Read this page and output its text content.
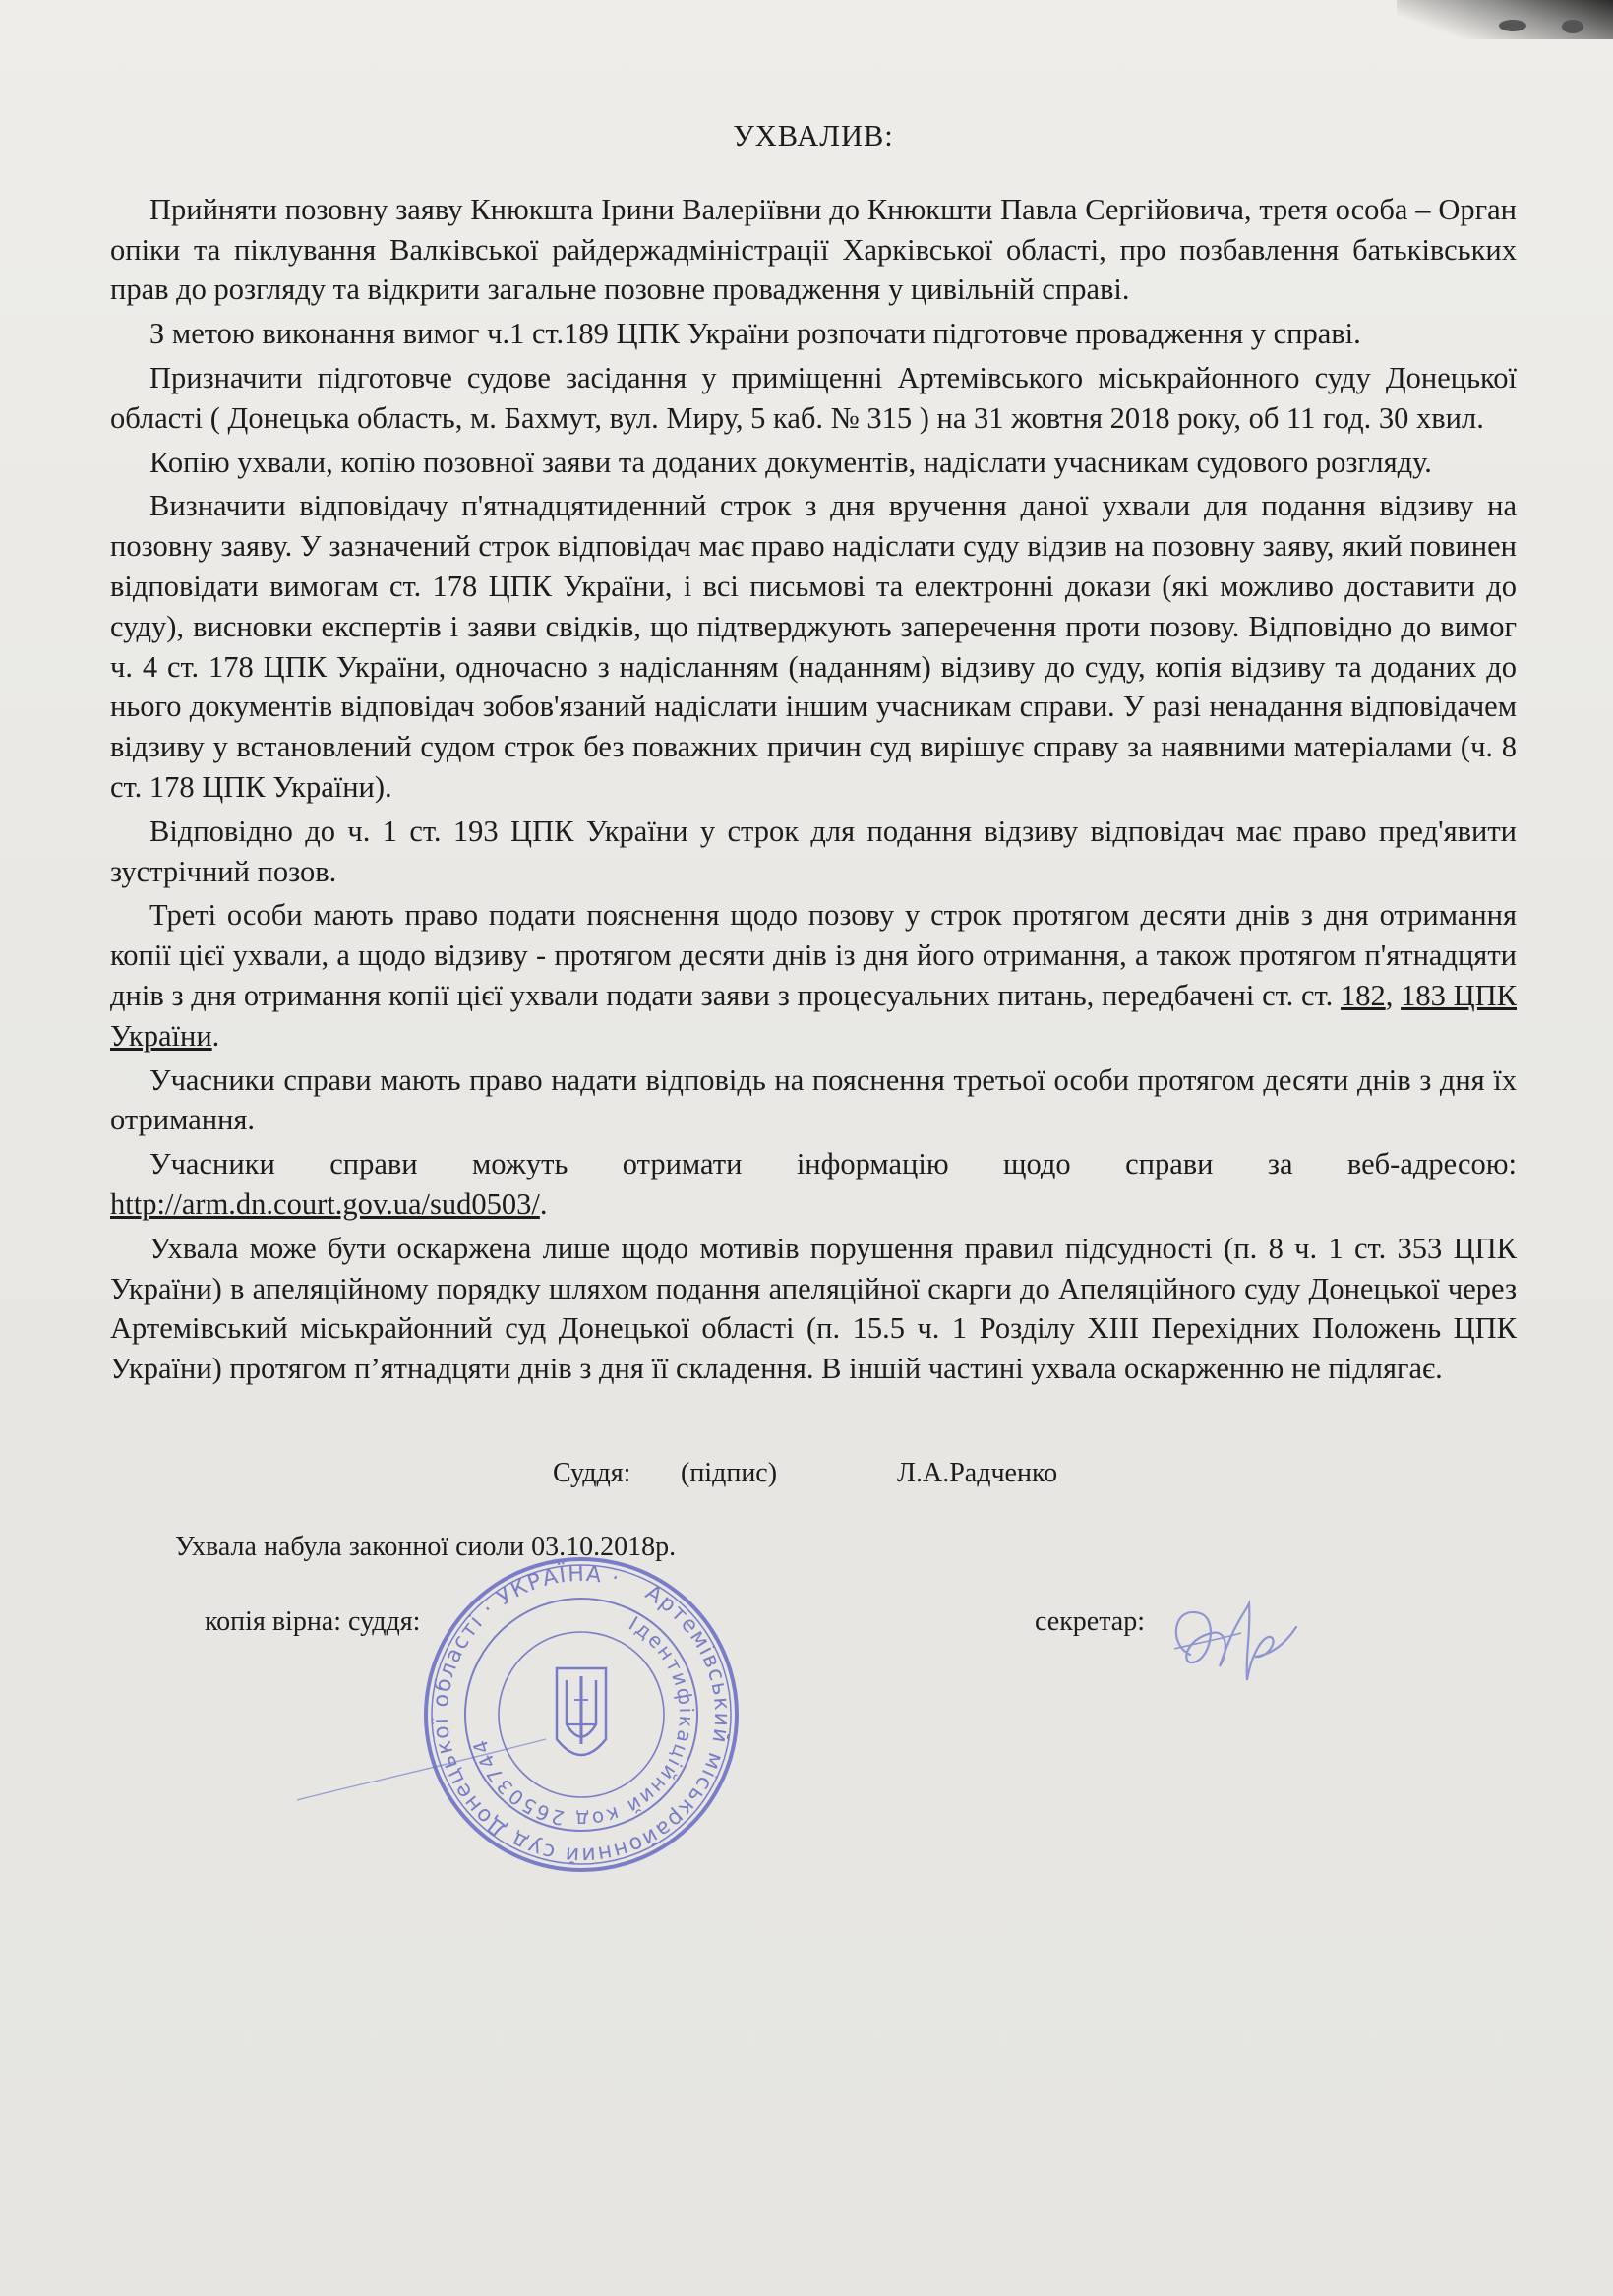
УХВАЛИВ:

Прийняти позовну заяву Кнюкшта Ірини Валеріївни до Кнюкшти Павла Сергійовича, третя особа – Орган опіки та піклування Валківської райдержадміністрації Харківської області, про позбавлення батьківських прав до розгляду та відкрити загальне позовне провадження у цивільній справі.

З метою виконання вимог ч.1 ст.189 ЦПК України розпочати підготовче провадження у справі.

Призначити підготовче судове засідання у приміщенні Артемівського міськрайонного суду Донецької області ( Донецька область, м. Бахмут, вул. Миру, 5 каб. № 315 ) на 31 жовтня 2018 року, об 11 год. 30 хвил.

Копію ухвали, копію позовної заяви та доданих документів, надіслати учасникам судового розгляду.

Визначити відповідачу п'ятнадцятиденний строк з дня вручення даної ухвали для подання відзиву на позовну заяву. У зазначений строк відповідач має право надіслати суду відзив на позовну заяву, який повинен відповідати вимогам ст. 178 ЦПК України, і всі письмові та електронні докази (які можливо доставити до суду), висновки експертів і заяви свідків, що підтверджують заперечення проти позову. Відповідно до вимог ч. 4 ст. 178 ЦПК України, одночасно з надісланням (наданням) відзиву до суду, копія відзиву та доданих до нього документів відповідач зобов'язаний надіслати іншим учасникам справи. У разі ненадання відповідачем відзиву у встановлений судом строк без поважних причин суд вирішує справу за наявними матеріалами (ч. 8 ст. 178 ЦПК України).

Відповідно до ч. 1 ст. 193 ЦПК України у строк для подання відзиву відповідач має право пред'явити зустрічний позов.

Треті особи мають право подати пояснення щодо позову у строк протягом десяти днів з дня отримання копії цієї ухвали, а щодо відзиву - протягом десяти днів із дня його отримання, а також протягом п'ятнадцяти днів з дня отримання копії цієї ухвали подати заяви з процесуальних питань, передбачені ст. ст. 182, 183 ЦПК України.

Учасники справи мають право надати відповідь на пояснення третьої особи протягом десяти днів з дня їх отримання.

Учасники справи можуть отримати інформацію щодо справи за веб-адресою: http://arm.dn.court.gov.ua/sud0503/.

Ухвала може бути оскаржена лише щодо мотивів порушення правил підсудності (п. 8 ч. 1 ст. 353 ЦПК України) в апеляційному порядку шляхом подання апеляційної скарги до Апеляційного суду Донецької через Артемівський міськрайонний суд Донецької області (п. 15.5 ч. 1 Розділу XIII Перехідних Положень ЦПК України) протягом п’ятнадцяти днів з дня її складення. В іншій частині ухвала оскарженню не підлягає.

Суддя: (підпис)	Л.А.Радченко
Ухвала набула законної сиоли 03.10.2018р.
копія вірна: суддя:	секретар:
Артемівський міськрайонний суд Донецької області · УКРАЇНА ·
Ідентифікаційний код 26503744
